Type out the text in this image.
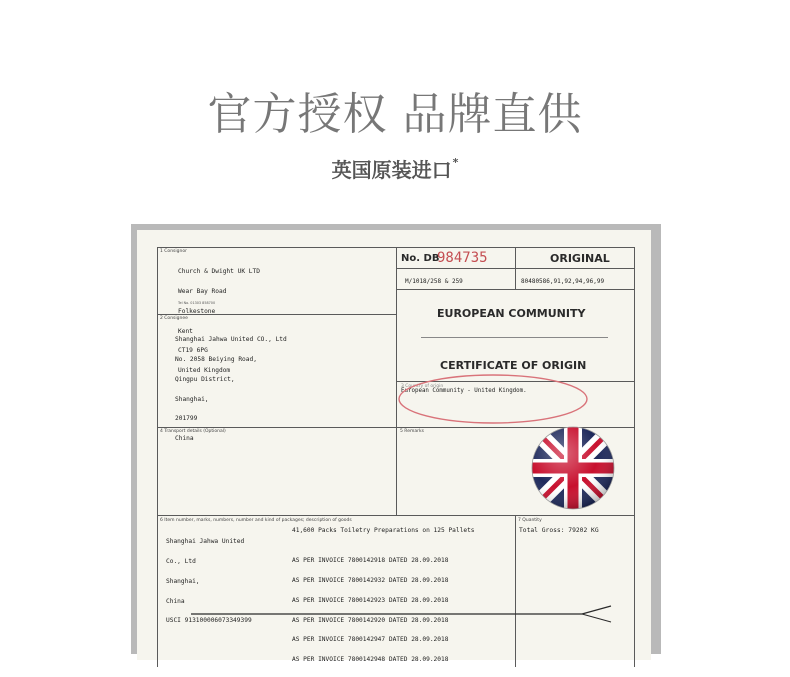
官方授权 品牌直供
英国原装进口*
1 Consignor

Church & Dwight UK LTD

Wear Bay Road

Folkestone

Kent

CT19 6PG

United Kingdom

Tel No. 01303 858700
No. DB
984735
M/1018/258 & 259
ORIGINAL
80480586,91,92,94,96,99
2 Consignee

Shanghai Jahwa United CO., Ltd

No. 2058 Beiying Road,

Qingpu District,

Shanghai,

201799

China

EUROPEAN COMMUNITY
CERTIFICATE OF ORIGIN
3 Country of origin
European Community - United Kingdom.
4 Transport details (Optional)	5 Remarks
6 Item number, marks, numbers, number and kind of packages; description of goods

Shanghai Jahwa United

Co., Ltd

Shanghai,

China

USCI 913100006073349399

41,600 Packs Toiletry Preparations on 125 Pallets

AS PER INVOICE 7800142918 DATED 28.09.2018

AS PER INVOICE 7800142932 DATED 28.09.2018

AS PER INVOICE 7800142923 DATED 28.09.2018

AS PER INVOICE 7800142920 DATED 28.09.2018

AS PER INVOICE 7800142947 DATED 28.09.2018

AS PER INVOICE 7800142948 DATED 28.09.2018

7 Quantity
Total Gross: 79202 KG
